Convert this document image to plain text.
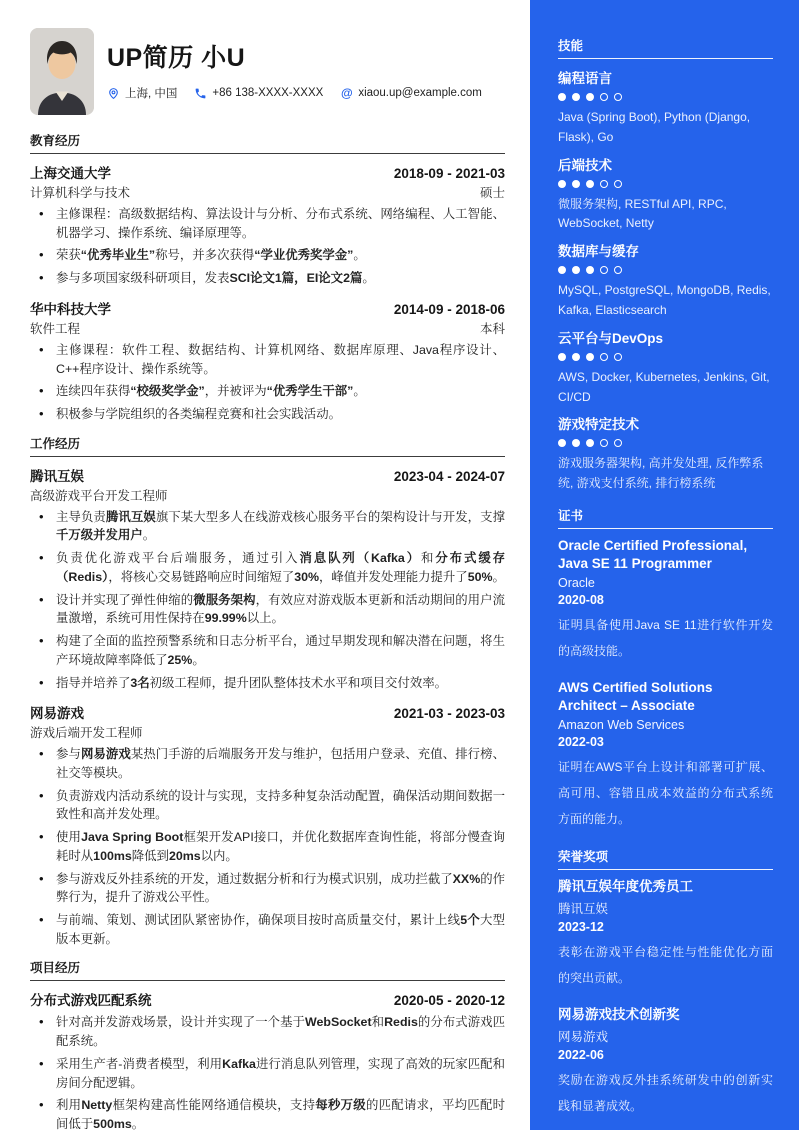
UP简历 小U
上海, 中国	+86 138-XXXX-XXXX @ xiaou.up@example.com
教育经历
上海交通大学	2018-09 - 2021-03
计算机科学与技术	硕士
• 主修课程：高级数据结构、算法设计与分析、分布式系统、网络编程、人工智能、机器学习、操作系统、编译原理等。
• 荣获“优秀毕业生”称号，并多次获得“学业优秀奖学金”。
• 参与多项国家级科研项目，发表SCI论文1篇，EI论文2篇。
华中科技大学	2014-09 - 2018-06
软件工程	本科
• 主修课程：软件工程、数据结构、计算机网络、数据库原理、Java程序设计、C++程序设计、操作系统等。
• 连续四年获得“校级奖学金”，并被评为“优秀学生干部”。
• 积极参与学院组织的各类编程竞赛和社会实践活动。
工作经历
腾讯互娱	2023-04 - 2024-07
高级游戏平台开发工程师
• 主导负责腾讯互娱旗下某大型多人在线游戏核心服务平台的架构设计与开发，支撑千万级并发用户。
• 负责优化游戏平台后端服务，通过引入消息队列（Kafka）和分布式缓存（Redis），将核心交易链路响应时间缩短了30%，峰值并发处理能力提升了50%。
• 设计并实现了弹性伸缩的微服务架构，有效应对游戏版本更新和活动期间的用户流量激增，系统可用性保持在99.99%以上。
• 构建了全面的监控预警系统和日志分析平台，通过早期发现和解决潜在问题，将生产环境故障率降低了25%。
• 指导并培养了3名初级工程师，提升团队整体技术水平和项目交付效率。
网易游戏	2021-03 - 2023-03
游戏后端开发工程师
• 参与网易游戏某热门手游的后端服务开发与维护，包括用户登录、充值、排行榜、社交等模块。
• 负责游戏内活动系统的设计与实现，支持多种复杂活动配置，确保活动期间数据一致性和高并发处理。
• 使用Java Spring Boot框架开发API接口，并优化数据库查询性能，将部分慢查询耗时从100ms降低到20ms以内。
• 参与游戏反外挂系统的开发，通过数据分析和行为模式识别，成功拦截了XX%的作弊行为，提升了游戏公平性。
• 与前端、策划、测试团队紧密协作，确保项目按时高质量交付，累计上线5个大型版本更新。
项目经历
分布式游戏匹配系统	2020-05 - 2020-12
• 针对高并发游戏场景，设计并实现了一个基于WebSocket和Redis的分布式游戏匹配系统。
• 采用生产者-消费者模型，利用Kafka进行消息队列管理，实现了高效的玩家匹配和房间分配逻辑。
• 利用Netty框架构建高性能网络通信模块，支持每秒万级的匹配请求，平均匹配时间低于500ms。
技能
编程语言
Java (Spring Boot), Python (Django, Flask), Go
后端技术
微服务架构, RESTful API, RPC, WebSocket, Netty
数据库与缓存
MySQL, PostgreSQL, MongoDB, Redis, Kafka, Elasticsearch
云平台与DevOps
AWS, Docker, Kubernetes, Jenkins, Git, CI/CD
游戏特定技术
游戏服务器架构, 高并发处理, 反作弊系统, 游戏支付系统, 排行榜系统
证书
Oracle Certified Professional, Java SE 11 Programmer
Oracle
2020-08
证明具备使用Java SE 11进行软件开发的高级技能。
AWS Certified Solutions Architect – Associate
Amazon Web Services
2022-03
证明在AWS平台上设计和部署可扩展、高可用、容错且成本效益的分布式系统方面的能力。
荣誉奖项
腾讯互娱年度优秀员工
腾讯互娱
2023-12
表彰在游戏平台稳定性与性能优化方面的突出贡献。
网易游戏技术创新奖
网易游戏
2022-06
奖励在游戏反外挂系统研发中的创新实践和显著成效。
